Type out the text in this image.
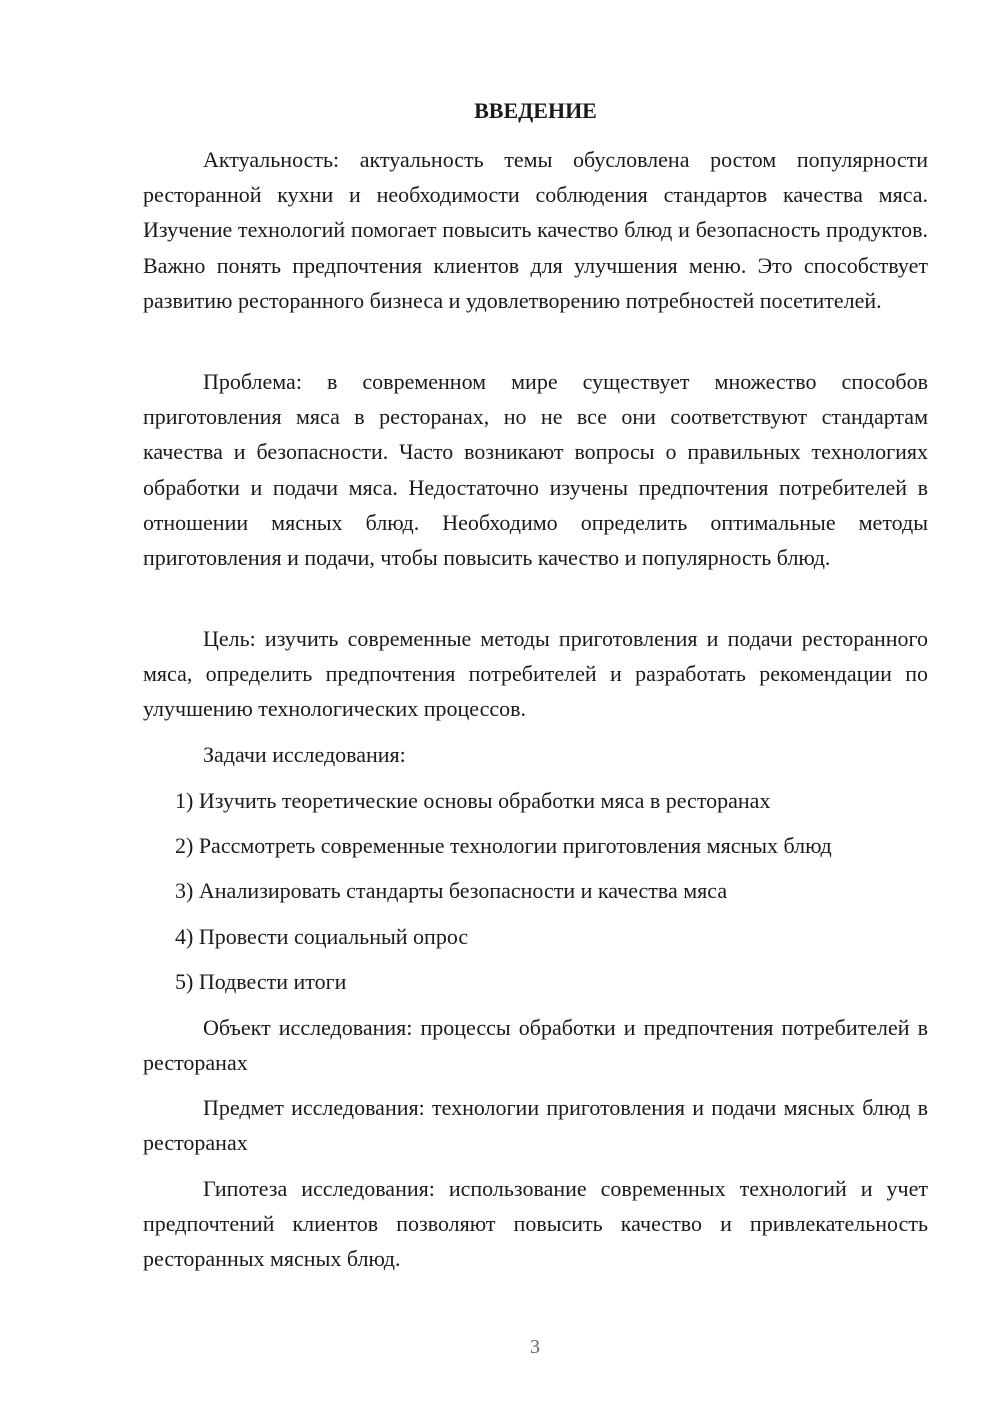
ВВЕДЕНИЕ

Актуальность: актуальность темы обусловлена ростом популярности ресторанной кухни и необходимости соблюдения стандартов качества мяса. Изучение технологий помогает повысить качество блюд и безопасность продуктов. Важно понять предпочтения клиентов для улучшения меню. Это способствует развитию ресторанного бизнеса и удовлетворению потребностей посетителей.

Проблема: в современном мире существует множество способов приготовления мяса в ресторанах, но не все они соответствуют стандартам качества и безопасности. Часто возникают вопросы о правильных технологиях обработки и подачи мяса. Недостаточно изучены предпочтения потребителей в отношении мясных блюд. Необходимо определить оптимальные методы приготовления и подачи, чтобы повысить качество и популярность блюд.

Цель: изучить современные методы приготовления и подачи ресторанного мяса, определить предпочтения потребителей и разработать рекомендации по улучшению технологических процессов.

Задачи исследования:

1) Изучить теоретические основы обработки мяса в ресторанах

2) Рассмотреть современные технологии приготовления мясных блюд

3) Анализировать стандарты безопасности и качества мяса

4) Провести социальный опрос

5) Подвести итоги

Объект исследования: процессы обработки и предпочтения потребителей в ресторанах

Предмет исследования: технологии приготовления и подачи мясных блюд в ресторанах

Гипотеза исследования: использование современных технологий и учет предпочтений клиентов позволяют повысить качество и привлекательность ресторанных мясных блюд.

3
